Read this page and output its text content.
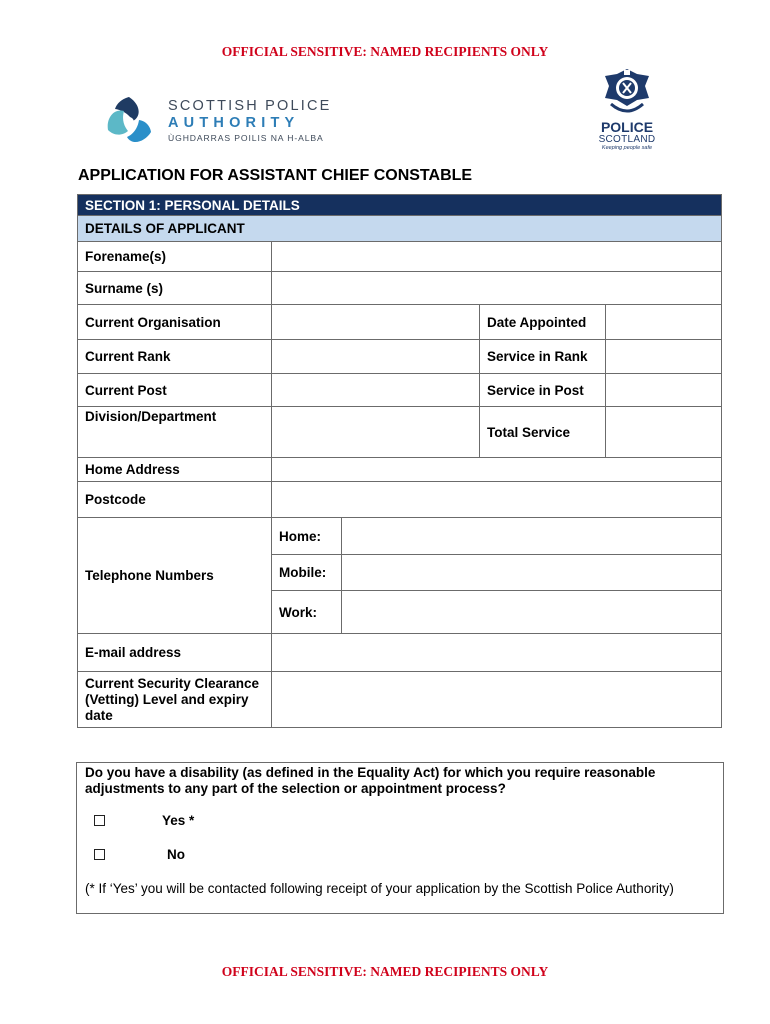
OFFICIAL SENSITIVE: NAMED RECIPIENTS ONLY
SCOTTISH POLICE
AUTHORITY
ÙGHDARRAS POILIS NA H-ALBA
POLICE
SCOTLAND
Keeping people safe
APPLICATION FOR ASSISTANT CHIEF CONSTABLE
SECTION 1: PERSONAL DETAILS				
DETAILS OF APPLICANT				
Forename(s)				
Surname (s)				
Current Organisation			Date Appointed	
Current Rank			Service in Rank	
Current Post			Service in Post	
Division/Department			Total Service	
Home Address				
Postcode				
Telephone Numbers	Home:			
	Mobile:			
	Work:			
E-mail address				
Current Security Clearance (Vetting) Level and expiry date				
Do you have a disability (as defined in the Equality Act) for which you require reasonable adjustments to any part of the selection or appointment process?
Yes *
No
(* If ‘Yes’ you will be contacted following receipt of your application by the Scottish Police Authority)
OFFICIAL SENSITIVE: NAMED RECIPIENTS ONLY
